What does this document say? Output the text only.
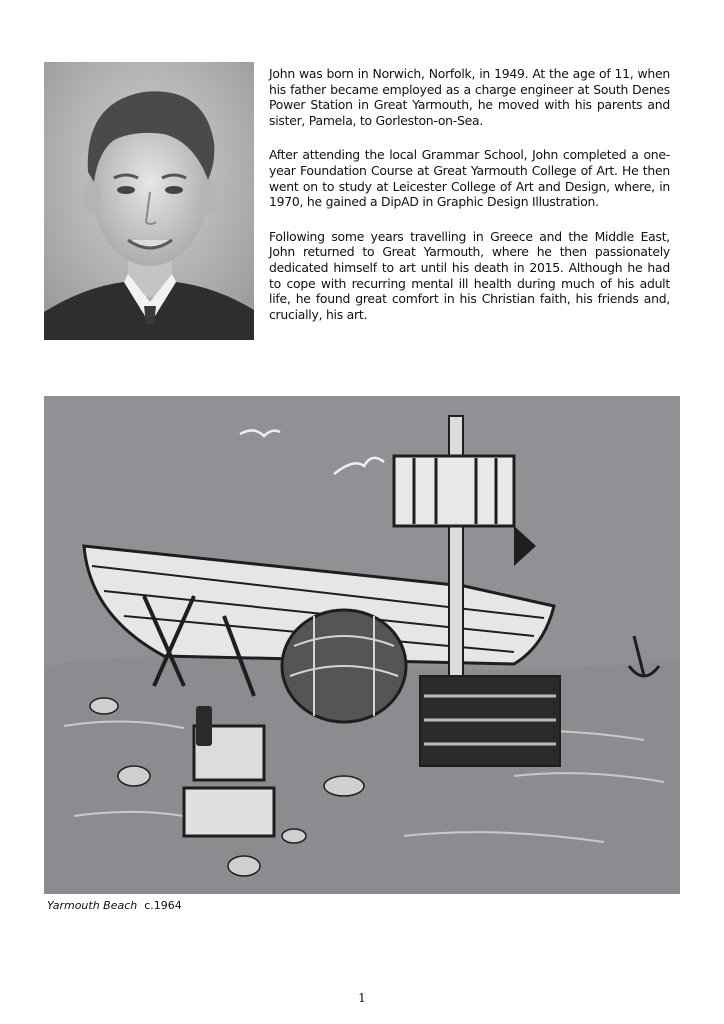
John was born in Norwich, Norfolk, in 1949. At the age of 11, when his father became employed as a charge engineer at South Denes Power Station in Great Yarmouth, he moved with his parents and sister, Pamela, to Gorleston-on-Sea.

After attending the local Grammar School, John completed a one-year Foundation Course at Great Yarmouth College of Art. He then went on to study at Leicester College of Art and Design, where, in 1970, he gained a DipAD in Graphic Design Illustration.

Following some years travelling in Greece and the Middle East, John returned to Great Yarmouth, where he then passionately dedicated himself to art until his death in 2015. Although he had to cope with recurring mental ill health during much of his adult life, he found great comfort in his Christian faith, his friends and, crucially, his art.

Yarmouth Beach c.1964
1
